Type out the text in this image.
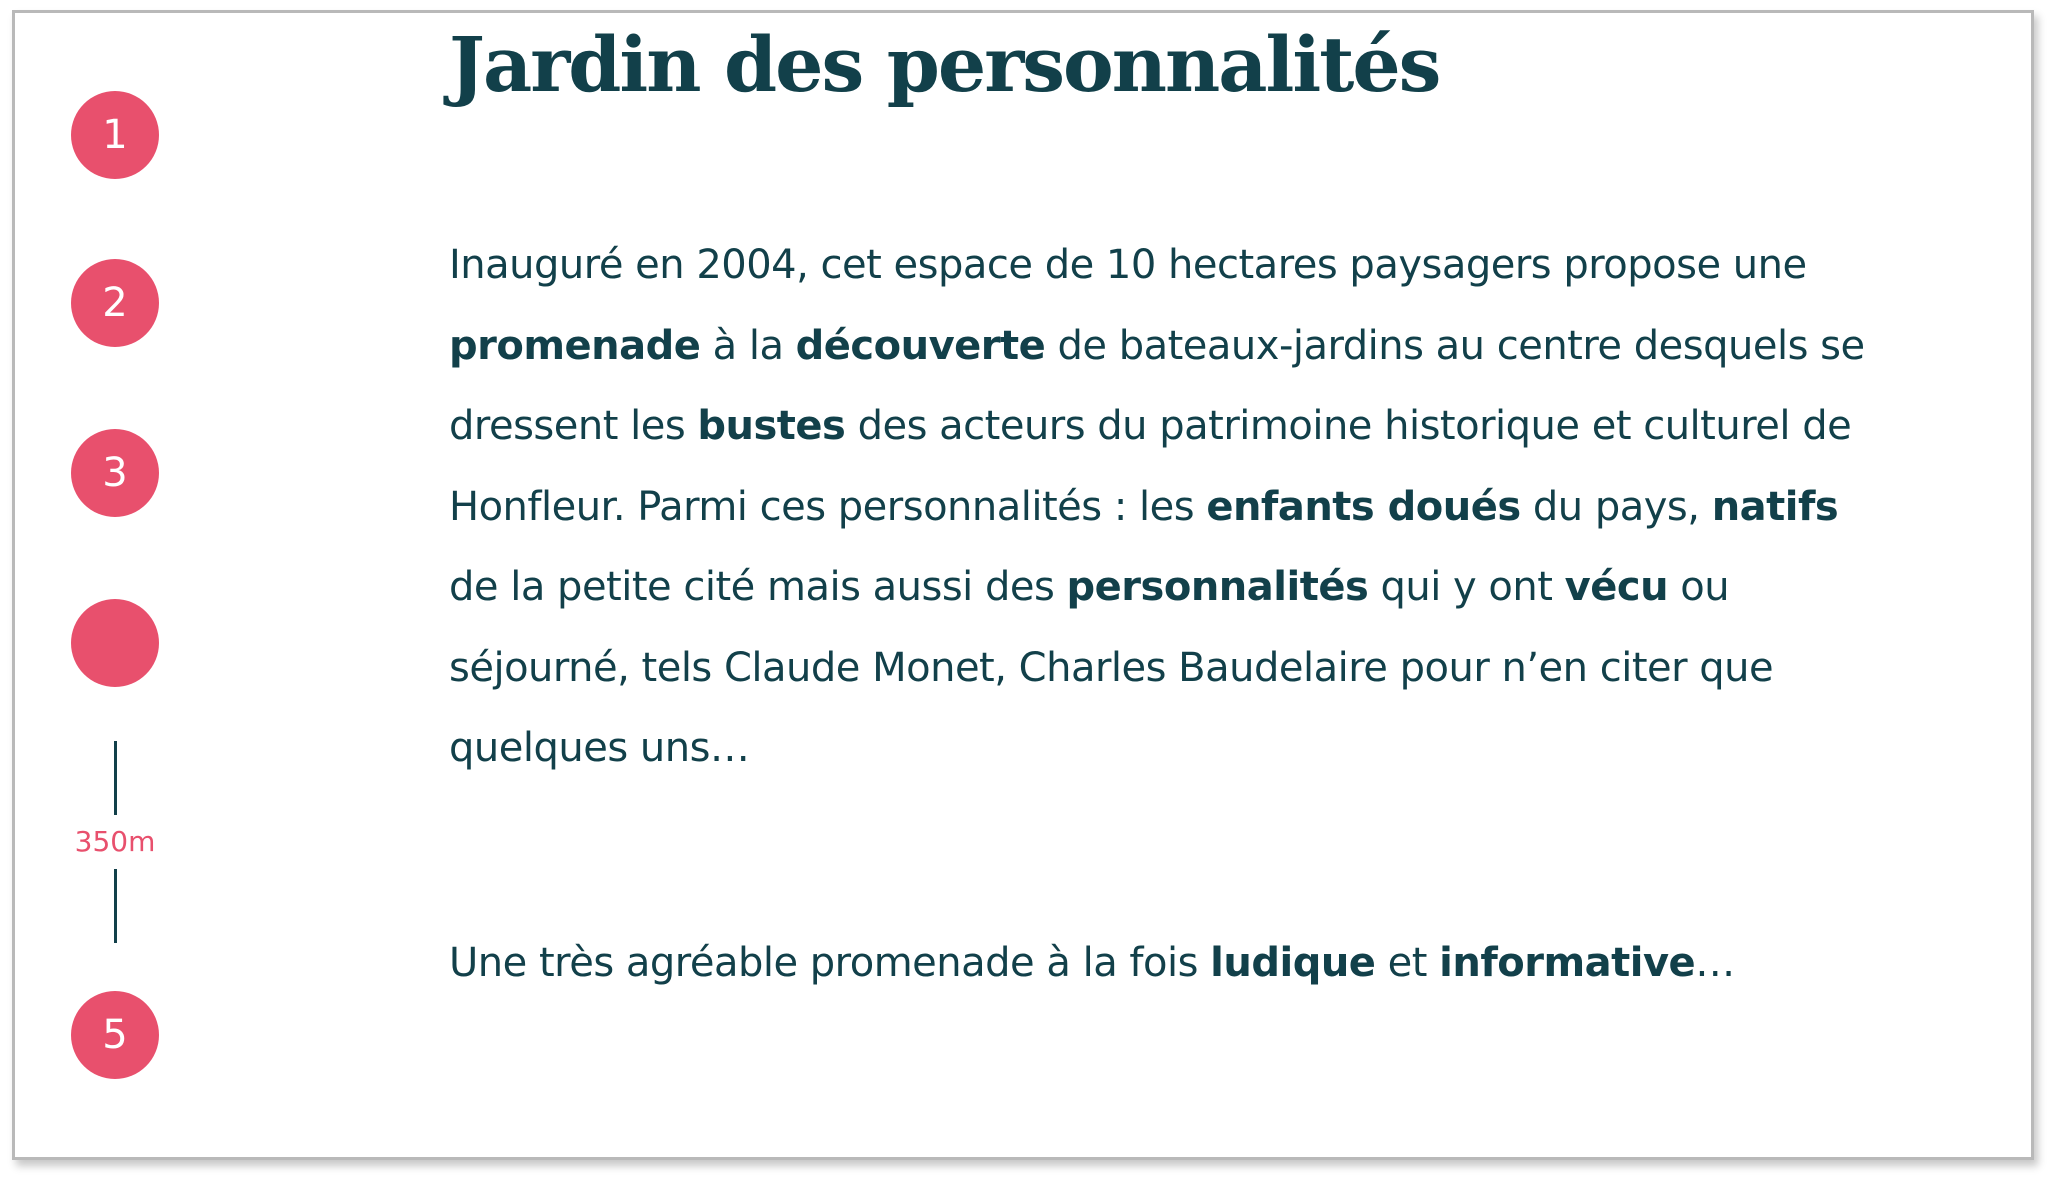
1
2
3
350m
5
Jardin des personnalités

Inauguré en 2004, cet espace de 10 hectares paysagers propose une promenade à la découverte de bateaux-jardins au centre desquels se dressent les bustes des acteurs du patrimoine historique et culturel de Honfleur. Parmi ces personnalités : les enfants doués du pays, natifs de la petite cité mais aussi des personnalités qui y ont vécu ou séjourné, tels Claude Monet, Charles Baudelaire pour n’en citer que quelques uns…

Une très agréable promenade à la fois ludique et informative…
